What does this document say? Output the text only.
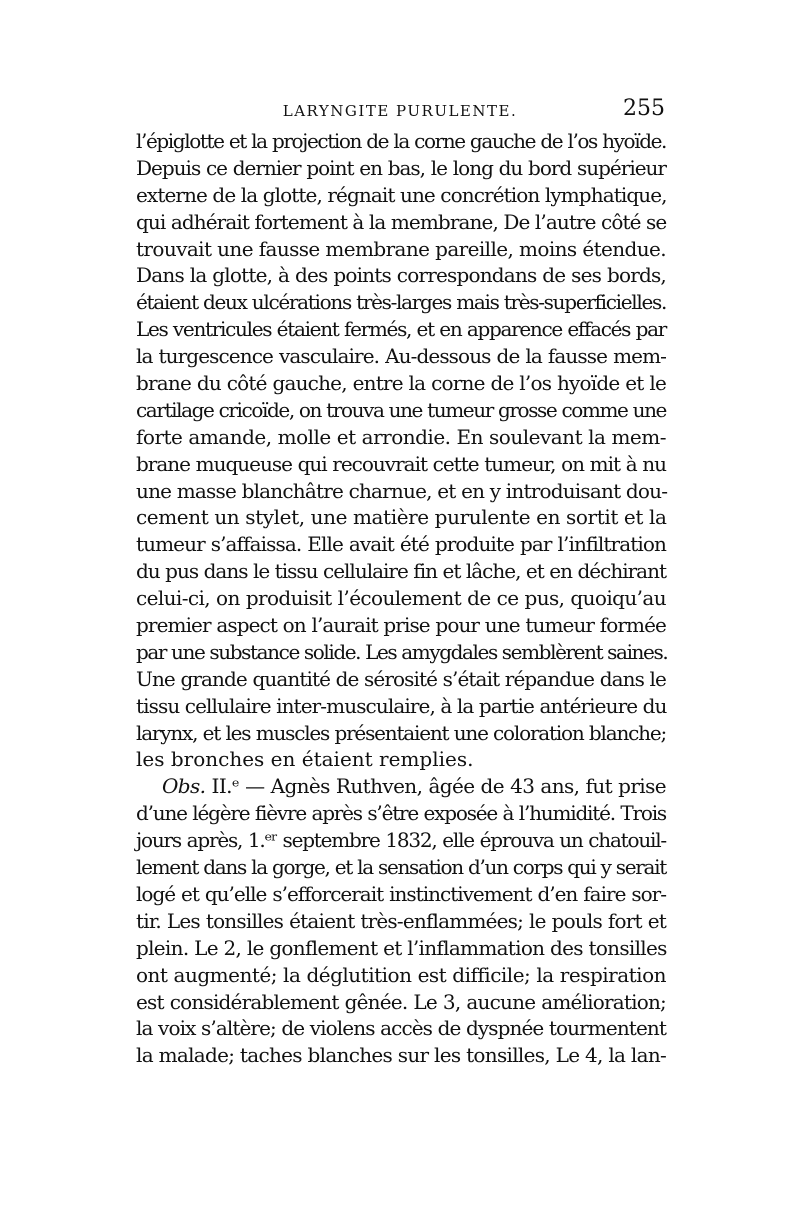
LARYNGITE PURULENTE.	255
l’épiglotte et la projection de la corne gauche de l’os hyoïde.
Depuis ce dernier point en bas, le long du bord supérieur
externe de la glotte, régnait une concrétion lymphatique,
qui adhérait fortement à la membrane, De l’autre côté se
trouvait une fausse membrane pareille, moins étendue.
Dans la glotte, à des points correspondans de ses bords,
étaient deux ulcérations très-larges mais très-superficielles.
Les ventricules étaient fermés, et en apparence effacés par
la turgescence vasculaire. Au-dessous de la fausse mem-
brane du côté gauche, entre la corne de l’os hyoïde et le
cartilage cricoïde, on trouva une tumeur grosse comme une
forte amande, molle et arrondie. En soulevant la mem-
brane muqueuse qui recouvrait cette tumeur, on mit à nu
une masse blanchâtre charnue, et en y introduisant dou-
cement un stylet, une matière purulente en sortit et la
tumeur s’affaissa. Elle avait été produite par l’infiltration
du pus dans le tissu cellulaire fin et lâche, et en déchirant
celui-ci, on produisit l’écoulement de ce pus, quoiqu’au
premier aspect on l’aurait prise pour une tumeur formée
par une substance solide. Les amygdales semblèrent saines.
Une grande quantité de sérosité s’était répandue dans le
tissu cellulaire inter-musculaire, à la partie antérieure du
larynx, et les muscles présentaient une coloration blanche;
les bronches en étaient remplies.
Obs. II.ᵉ — Agnès Ruthven, âgée de 43 ans, fut prise
d’une légère fièvre après s’être exposée à l’humidité. Trois
jours après, 1.ᵉʳ septembre 1832, elle éprouva un chatouil-
lement dans la gorge, et la sensation d’un corps qui y serait
logé et qu’elle s’efforcerait instinctivement d’en faire sor-
tir. Les tonsilles étaient très-enflammées; le pouls fort et
plein. Le 2, le gonflement et l’inflammation des tonsilles
ont augmenté; la déglutition est difficile; la respiration
est considérablement gênée. Le 3, aucune amélioration;
la voix s’altère; de violens accès de dyspnée tourmentent
la malade; taches blanches sur les tonsilles, Le 4, la lan-
